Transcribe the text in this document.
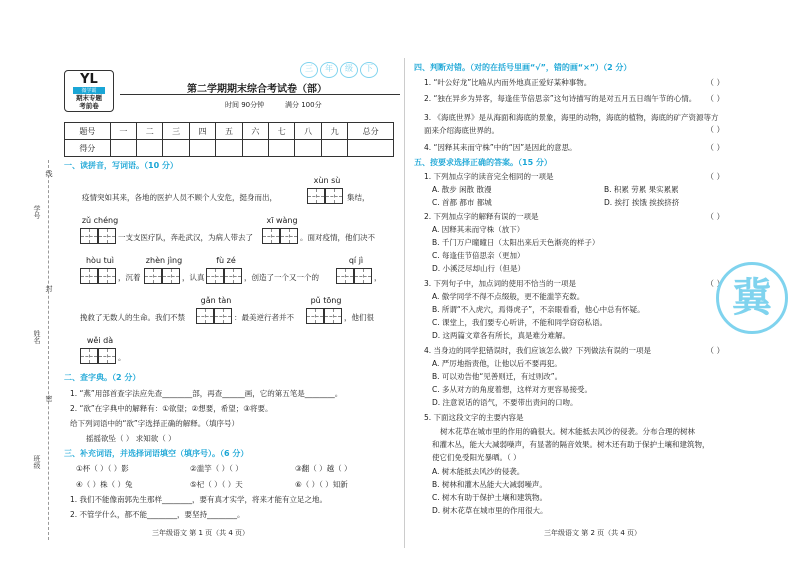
学号
姓名
班级
线
封
密
YL
微学霸
期末专题
考前卷
第二学期期末综合考试卷（部）
时间 90分钟	满分 100分
三	年	级	下
题号	一	二	三	四	五	六	七	八	九	总分
得分										
一、读拼音，写词语。（10 分）
xùn sù
疫情突如其来，各地的医护人员不顾个人安危，挺身而出，	集结，
zǔ chéng
一支支医疗队，奔赴武汉，为病人带去了
xī wàng
。面对疫情，他们决不
hòu tuì
，沉着
zhèn jìng
，认真
fù zé
，创造了一个又一个的
qí jì
，
挽救了无数人的生命。我们不禁
gǎn tàn
：最美逆行者并不
pǔ tōng
，他们很
wěi dà
。
二、查字典。（2 分）
1. “燕”用部首查字法应先查________部，再查______画，它的第五笔是________。
2. “欲”在字典中的解释有：①欲望；②想要，希望；③将要。
给下列词语中的“欲”字选择正确的解释。（填序号）
摇摇欲坠（ ） 求知欲（ ）
三、补充词语，并选择词语填空（填序号）。（6 分）
①杯（ ）（ ）影	②滥竽（ ）（ ）	③翻（ ）越（ ）
④（ ）株（ ）兔	⑤杞（ ）（ ）天	⑥（ ）（ ）知新
1. 我们不能像南郭先生那样________，要有真才实学，将来才能有立足之地。
2. 不管学什么，都不能________，要坚持________。
三年级语文 第 1 页（共 4 页）
四、判断对错。（对的在括号里画“√”，错的画“×”）（2 分）
1. “叶公好龙”比喻从内而外地真正爱好某种事物。	（ ）
2. “独在异乡为异客，每逢佳节倍思亲”这句诗描写的是对五月五日端午节的心情。 （ ）
3. 《海底世界》是从海面和海底的景象，海里的动物，海底的植物，海底的矿产资源等方面来介绍海底世界的。	（ ）
4. “因释其耒而守株”中的“因”是因此的意思。	（ ）
五、按要求选择正确的答案。（15 分）
1. 下列加点字的读音完全相同的一项是	（ ）
A. 散步 闲散 散漫	B. 积累 劳累 果实累累
C. 首都 都市 都城	D. 挨打 挨饿 挨挨挤挤
2. 下列加点字的解释有误的一项是	（ ）
A. 因释其耒而守株（放下）
B. 千门万户曈曈日（太阳出来后天色渐亮的样子）
C. 每逢佳节倍思亲（更加）
D. 小溪泛尽却山行（但是）
3. 下列句子中，加点词的使用不恰当的一项是	（ ）
A. 傲学同学不得不点缀般，更不能滥竽充数。
B. 所谓“不入虎穴，焉得虎子”，不亲眼看看，他心中总有怀疑。
C. 课堂上，我们要专心听讲，不能和同学窃窃私语。
D. 这两篇文章各有所长，真是难分难解。
4. 当身边的同学犯错误时，我们应该怎么做？下列做法有误的一项是	（ ）
A. 严厉地指责他，让他以后不要再犯。
B. 可以劝告他“见善则迁，有过则改”。
C. 多从对方的角度着想，这样对方更容易接受。
D. 注意说话的语气，不要带出责问的口吻。
5. 下面这段文字的主要内容是
树木花草在城市里的作用的确很大。树木能抵去风沙的侵袭。分布合理的树林
和灌木丛，能大大减弱噪声，有显著的隔音效果。树木还有助于保护土壤和建筑物，
使它们免受阳光暴晒。（ ）
A. 树木能抵去风沙的侵袭。
B. 树林和灌木丛能大大减弱噪声。
C. 树木有助于保护土壤和建筑物。
D. 树木花草在城市里的作用很大。
三年级语文 第 2 页（共 4 页）
冀
